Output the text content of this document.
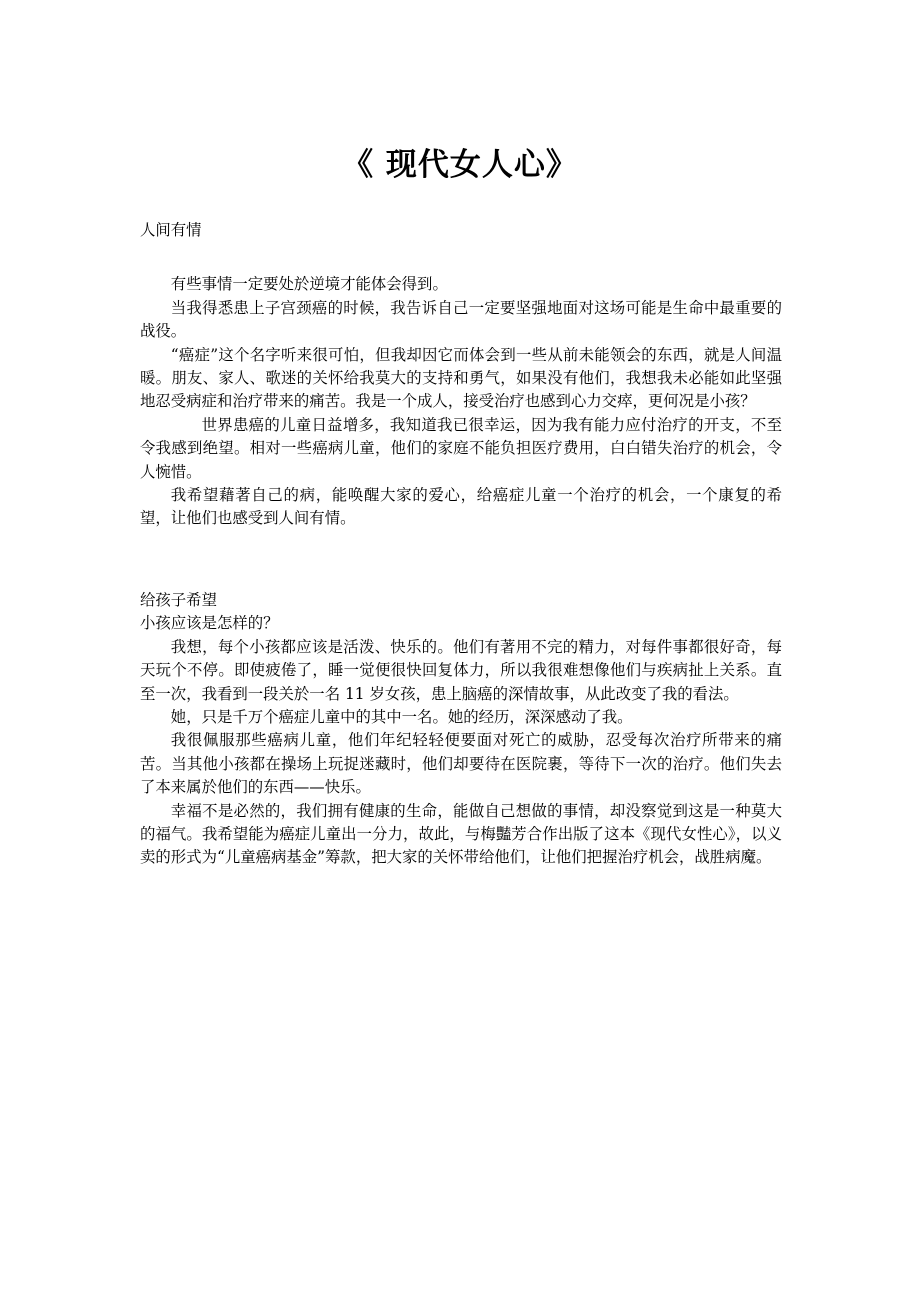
《 现代女人心》

人间有情

有些事情一定要处於逆境才能体会得到。

当我得悉患上子宫颈癌的时候，我告诉自己一定要坚强地面对这场可能是生命中最重要的战役。

“癌症”这个名字听来很可怕，但我却因它而体会到一些从前未能领会的东西，就是人间温暖。朋友、家人、歌迷的关怀给我莫大的支持和勇气，如果没有他们，我想我未必能如此坚强地忍受病症和治疗带来的痛苦。我是一个成人，接受治疗也感到心力交瘁，更何况是小孩？

世界患癌的儿童日益增多，我知道我已很幸运，因为我有能力应付治疗的开支，不至令我感到绝望。相对一些癌病儿童，他们的家庭不能负担医疗费用，白白错失治疗的机会，令人惋惜。

我希望藉著自己的病，能唤醒大家的爱心，给癌症儿童一个治疗的机会，一个康复的希望，让他们也感受到人间有情。

给孩子希望

小孩应该是怎样的？

我想，每个小孩都应该是活泼、快乐的。他们有著用不完的精力，对每件事都很好奇，每天玩个不停。即使疲倦了，睡一觉便很快回复体力，所以我很难想像他们与疾病扯上关系。直至一次，我看到一段关於一名 11 岁女孩，患上脑癌的深情故事，从此改变了我的看法。

她，只是千万个癌症儿童中的其中一名。她的经历，深深感动了我。

我很佩服那些癌病儿童，他们年纪轻轻便要面对死亡的威胁，忍受每次治疗所带来的痛苦。当其他小孩都在操场上玩捉迷藏时，他们却要待在医院裹，等待下一次的治疗。他们失去了本来属於他们的东西——快乐。

幸福不是必然的，我们拥有健康的生命，能做自己想做的事情，却没察觉到这是一种莫大的福气。我希望能为癌症儿童出一分力，故此，与梅豔芳合作出版了这本《现代女性心》，以义卖的形式为“儿童癌病基金”筹款，把大家的关怀带给他们，让他们把握治疗机会，战胜病魔。
